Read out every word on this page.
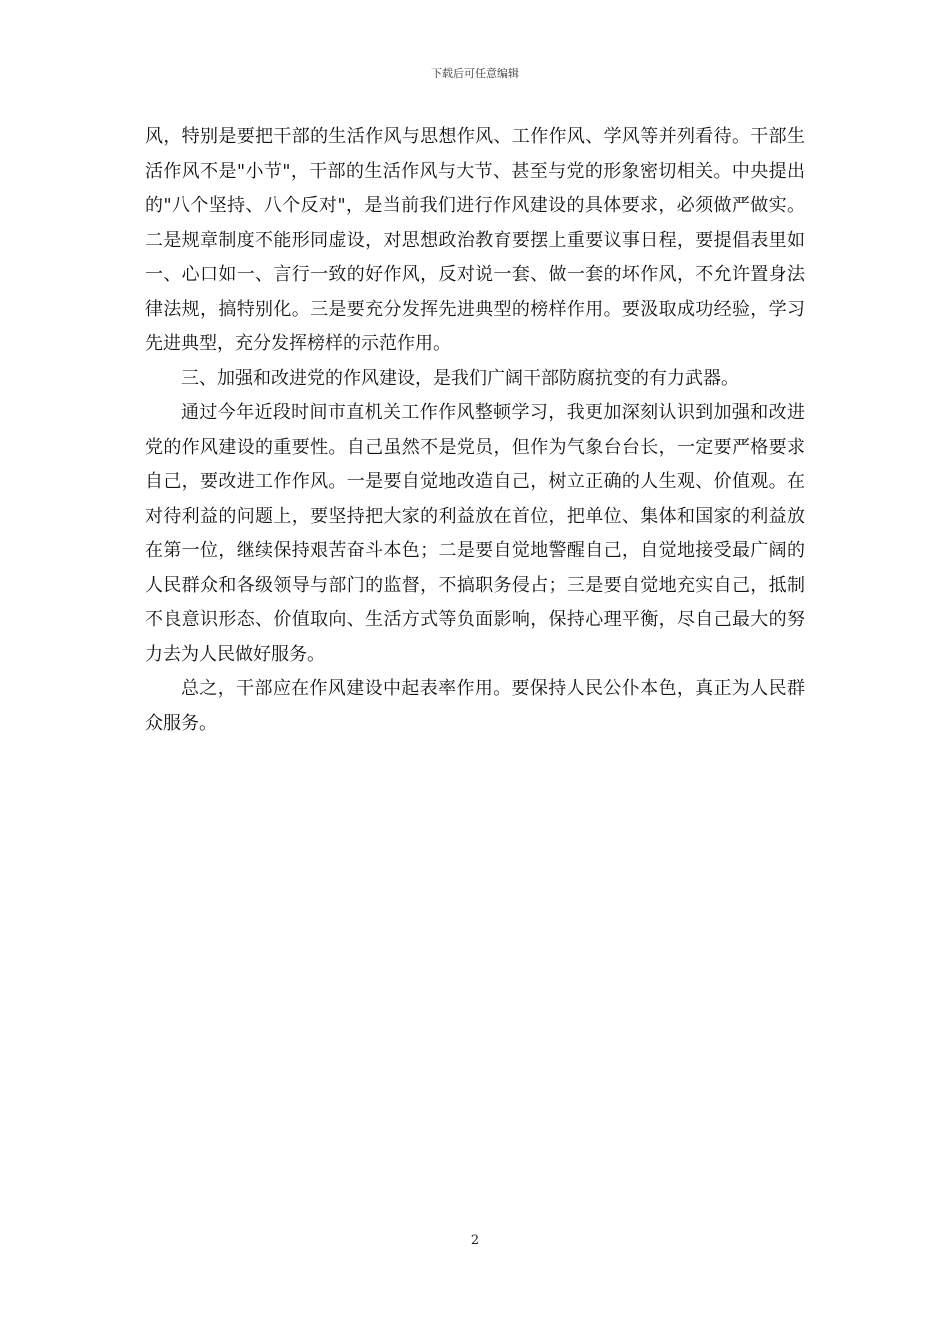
下载后可任意编辑

风，特别是要把干部的生活作风与思想作风、工作作风、学风等并列看待。干部生活作风不是"小节"，干部的生活作风与大节、甚至与党的形象密切相关。中央提出的"八个坚持、八个反对"，是当前我们进行作风建设的具体要求，必须做严做实。二是规章制度不能形同虚设，对思想政治教育要摆上重要议事日程，要提倡表里如一、心口如一、言行一致的好作风，反对说一套、做一套的坏作风，不允许置身法律法规，搞特别化。三是要充分发挥先进典型的榜样作用。要汲取成功经验，学习先进典型，充分发挥榜样的示范作用。

三、加强和改进党的作风建设，是我们广阔干部防腐抗变的有力武器。

通过今年近段时间市直机关工作作风整顿学习，我更加深刻认识到加强和改进党的作风建设的重要性。自己虽然不是党员，但作为气象台台长，一定要严格要求自己，要改进工作作风。一是要自觉地改造自己，树立正确的人生观、价值观。在对待利益的问题上，要坚持把大家的利益放在首位，把单位、集体和国家的利益放在第一位，继续保持艰苦奋斗本色；二是要自觉地警醒自己，自觉地接受最广阔的人民群众和各级领导与部门的监督，不搞职务侵占；三是要自觉地充实自己，抵制不良意识形态、价值取向、生活方式等负面影响，保持心理平衡，尽自己最大的努力去为人民做好服务。

总之，干部应在作风建设中起表率作用。要保持人民公仆本色，真正为人民群众服务。

2
